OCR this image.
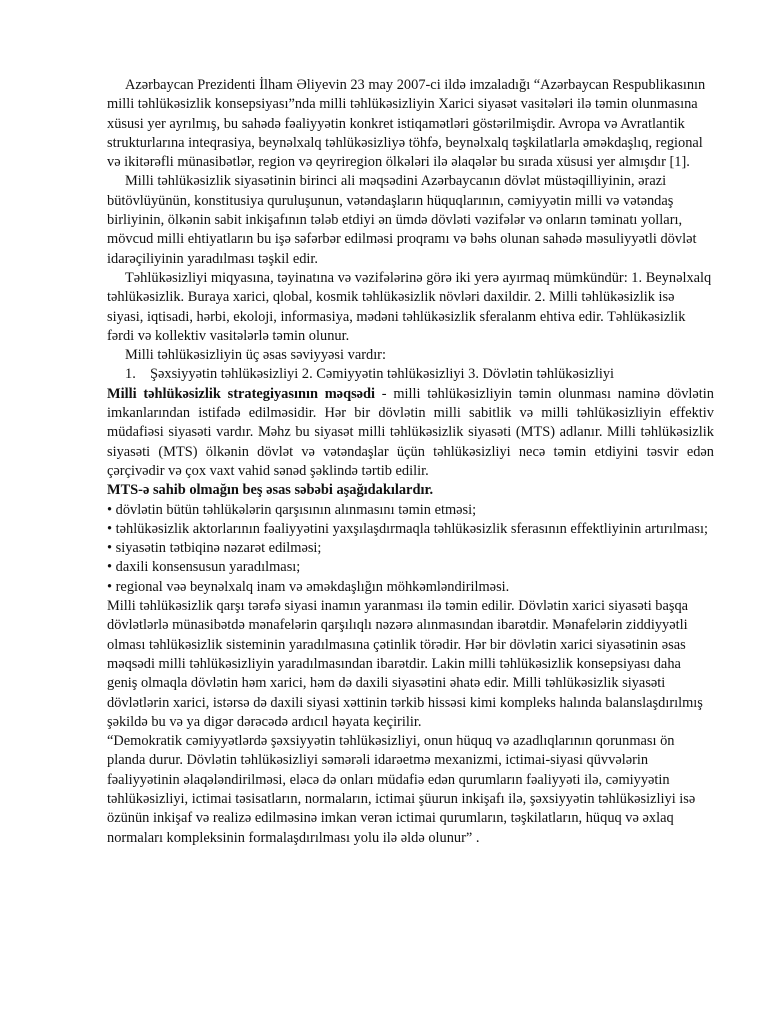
Azərbaycan Prezidenti İlham Əliyevin 23 may 2007-ci ildə imzaladığı “Azərbaycan Respublikasının milli təhlükəsizlik konsepsiyası”nda milli təhlükəsizliyin Xarici siyasət vasitələri ilə təmin olunmasına xüsusi yer ayrılmış, bu sahədə fəaliyyətin konkret istiqamətləri göstərilmişdir. Avropa və Avratlantik strukturlarına inteqrasiya, beynəlxalq təhlükəsizliyə töhfə, beynəlxalq təşkilatlarla əməkdaşlıq, regional və ikitərəfli münasibətlər, region və qeyriregion ölkələri ilə əlaqələr bu sırada xüsusi yer almışdır [1].

Milli təhlükəsizlik siyasətinin birinci ali məqsədini Azərbaycanın dövlət müstəqilliyinin, ərazi bütövlüyünün, konstitusiya quruluşunun, vətəndaşların hüquqlarının, cəmiyyətin milli və vətəndaş birliyinin, ölkənin sabit inkişafının tələb etdiyi ən ümdə dövləti vəzifələr və onların təminatı yolları, mövcud milli ehtiyatların bu işə səfərbər edilməsi proqramı və bəhs olunan sahədə məsuliyyətli dövlət idarəçiliyinin yaradılması təşkil edir.

Təhlükəsizliyi miqyasına, təyinatına və vəzifələrinə görə iki yerə ayırmaq mümkündür: 1. Beynəlxalq təhlükəsizlik. Buraya xarici, qlobal, kosmik təhlükəsizlik növləri daxildir. 2. Milli təhlükəsizlik isə siyasi, iqtisadi, hərbi, ekoloji, informasiya, mədəni təhlükəsizlik sferalanm ehtiva edir. Təhlükəsizlik fərdi və kollektiv vasitələrlə təmin olunur.

Milli təhlükəsizliyin üç əsas səviyyəsi vardır:

1. Şəxsiyyətin təhlükəsizliyi 2. Cəmiyyətin təhlükəsizliyi 3. Dövlətin təhlükəsizliyi

Milli təhlükəsizlik strategiyasının məqsədi - milli təhlükəsizliyin təmin olunması naminə dövlətin imkanlarından istifadə edilməsidir. Hər bir dövlətin milli sabitlik və milli təhlükəsizliyin effektiv müdafiəsi siyasəti vardır. Məhz bu siyasət milli təhlükəsizlik siyasəti (MTS) adlanır. Milli təhlükəsizlik siyasəti (MTS) ölkənin dövlət və vətəndaşlar üçün təhlükəsizliyi necə təmin etdiyini təsvir edən çərçivədir və çox vaxt vahid sənəd şəklində tərtib edilir.

MTS-ə sahib olmağın beş əsas səbəbi aşağıdakılardır.

• dövlətin bütün təhlükələrin qarşısının alınmasını təmin etməsi;

• təhlükəsizlik aktorlarının fəaliyyətini yaxşılaşdırmaqla təhlükəsizlik sferasının effektliyinin artırılması;

• siyasətin tətbiqinə nəzarət edilməsi;

• daxili konsensusun yaradılması;

• regional vəə beynəlxalq inam və əməkdaşlığın möhkəmləndirilməsi.

Milli təhlükəsizlik qarşı tərəfə siyasi inamın yaranması ilə təmin edilir. Dövlətin xarici siyasəti başqa dövlətlərlə münasibətdə mənafelərin qarşılıqlı nəzərə alınmasından ibarətdir. Mənafelərin ziddiyyətli olması təhlükəsizlik sisteminin yaradılmasına çətinlik törədir. Hər bir dövlətin xarici siyasətinin əsas məqsədi milli təhlükəsizliyin yaradılmasından ibarətdir. Lakin milli təhlükəsizlik konsepsiyası daha geniş olmaqla dövlətin həm xarici, həm də daxili siyasətini əhatə edir. Milli təhlükəsizlik siyasəti dövlətlərin xarici, istərsə də daxili siyasi xəttinin tərkib hissəsi kimi kompleks halında balanslaşdırılmış şəkildə bu və ya digər dərəcədə ardıcıl həyata keçirilir.

“Demokratik cəmiyyətlərdə şəxsiyyətin təhlükəsizliyi, onun hüquq və azadlıqlarının qorunması ön planda durur. Dövlətin təhlükəsizliyi səmərəli idarəetmə mexanizmi, ictimai-siyasi qüvvələrin fəaliyyətinin əlaqələndirilməsi, eləcə də onları müdafiə edən qurumların fəaliyyəti ilə, cəmiyyətin təhlükəsizliyi, ictimai təsisatların, normaların, ictimai şüurun inkişafı ilə, şəxsiyyətin təhlükəsizliyi isə özünün inkişaf və realizə edilməsinə imkan verən ictimai qurumların, təşkilatların, hüquq və əxlaq normaları kompleksinin formalaşdırılması yolu ilə əldə olunur” .
